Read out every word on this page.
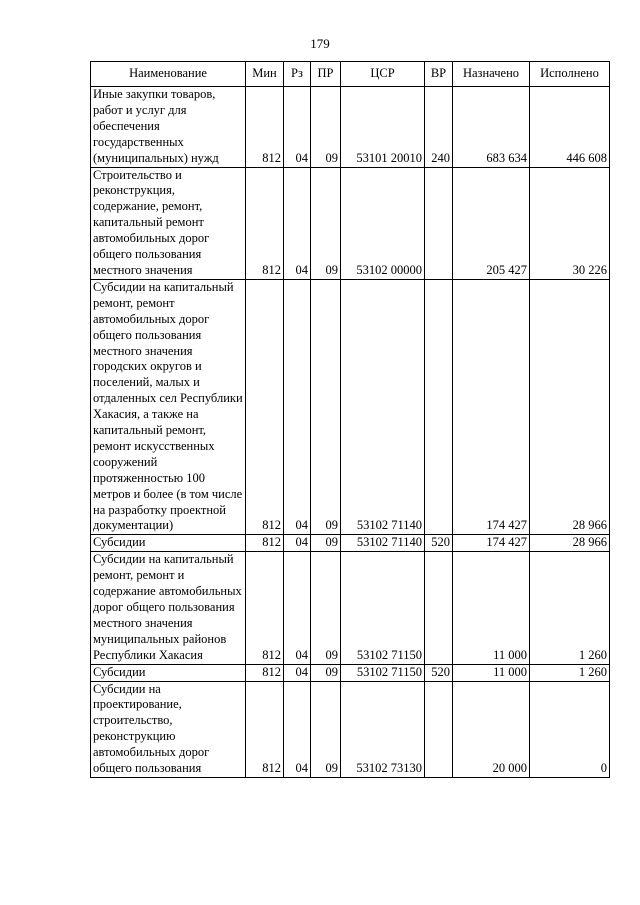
179
Наименование	Мин	Рз	ПР	ЦСР	ВР	Назначено	Исполнено
Иные закупки товаров, работ и услуг для обеспечения государственных (муниципальных) нужд	812	04	09	53101 20010	240	683 634	446 608
Строительство и реконструкция, содержание, ремонт, капитальный ремонт автомобильных дорог общего пользования местного значения	812	04	09	53102 00000		205 427	30 226
Субсидии на капитальный ремонт, ремонт автомобильных дорог общего пользования местного значения городских округов и поселений, малых и отдаленных сел Республики Хакасия, а также на капитальный ремонт, ремонт искусственных сооружений протяженностью 100 метров и более (в том числе на разработку проектной документации)	812	04	09	53102 71140		174 427	28 966
Субсидии	812	04	09	53102 71140	520	174 427	28 966
Субсидии на капитальный ремонт, ремонт и содержание автомобильных дорог общего пользования местного значения муниципальных районов Республики Хакасия	812	04	09	53102 71150		11 000	1 260
Субсидии	812	04	09	53102 71150	520	11 000	1 260
Субсидии на проектирование, строительство, реконструкцию автомобильных дорог общего пользования	812	04	09	53102 73130		20 000	0
